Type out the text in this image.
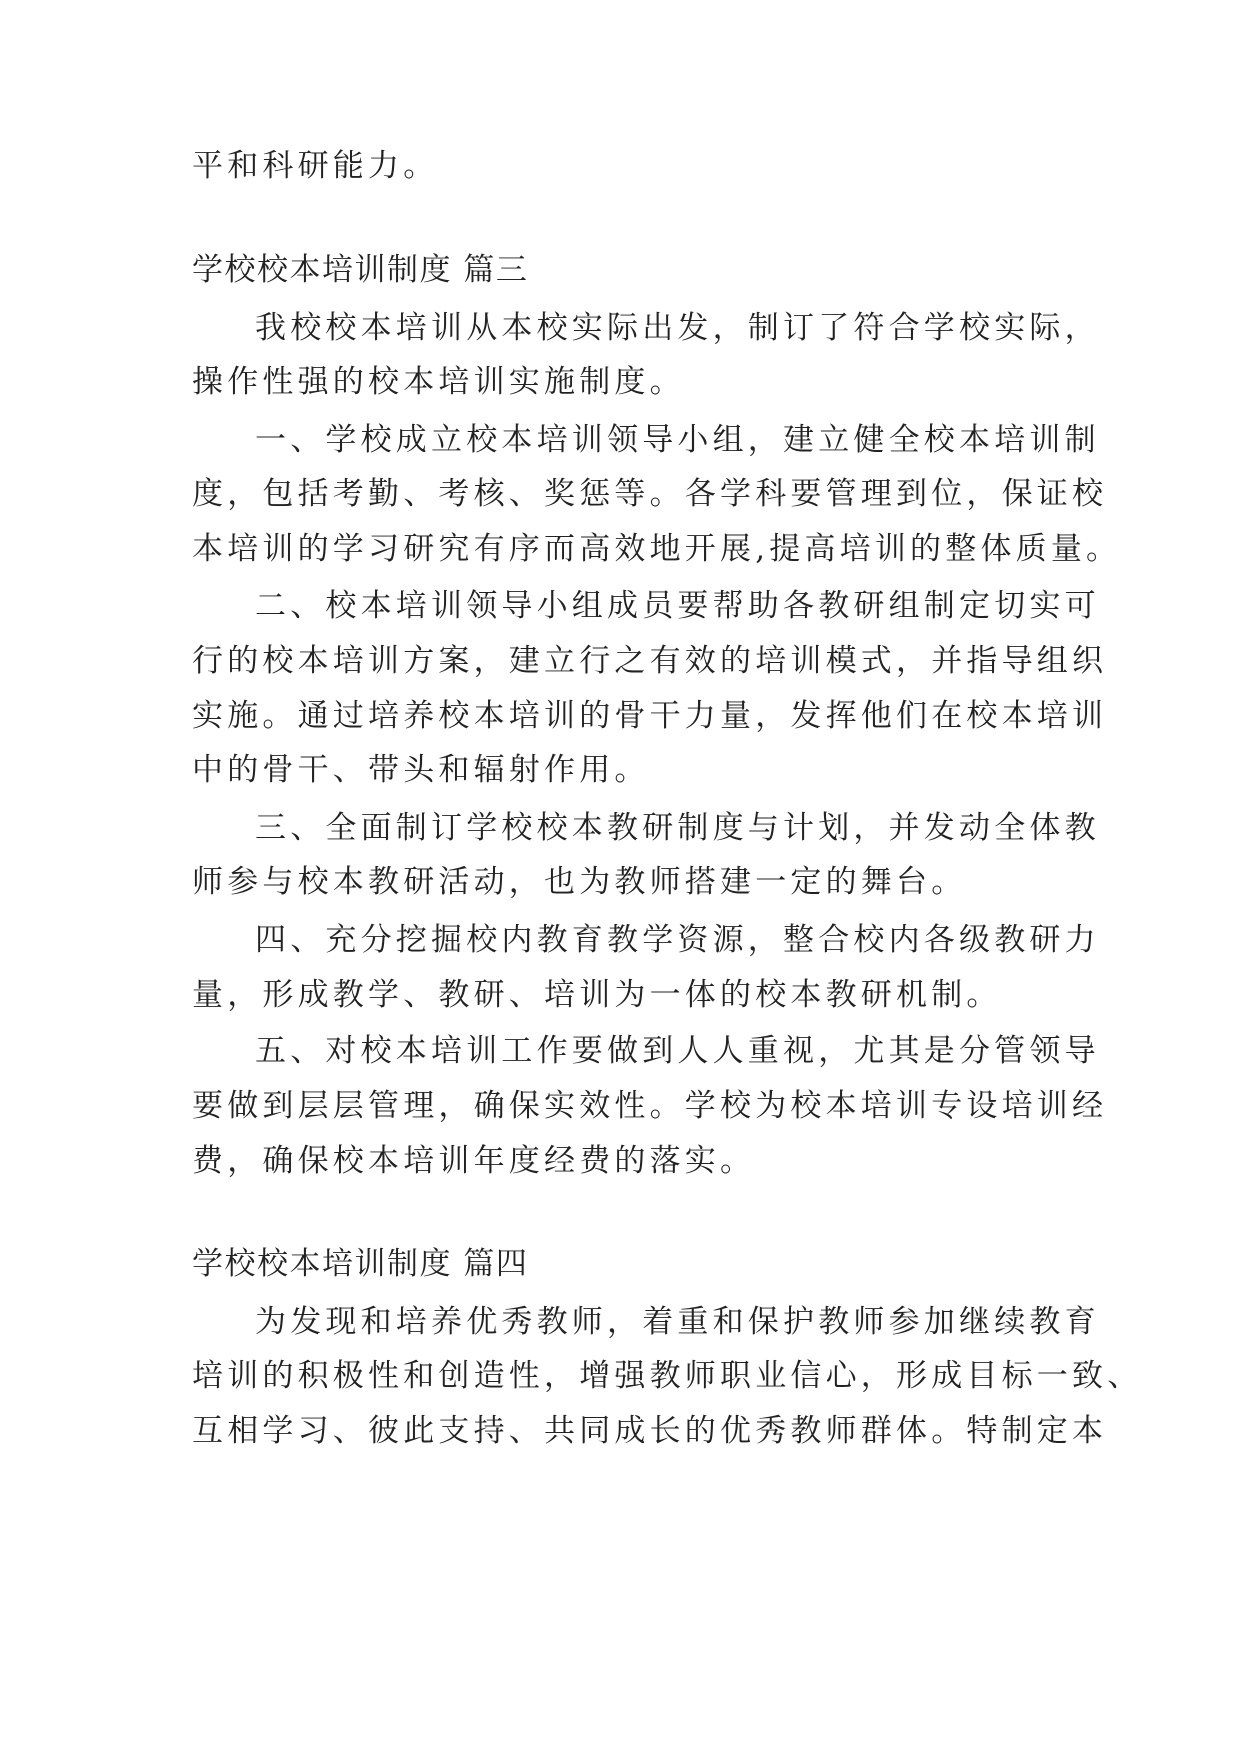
平和科研能力。
学校校本培训制度 篇三
我校校本培训从本校实际出发，制订了符合学校实际，
操作性强的校本培训实施制度。
一、学校成立校本培训领导小组，建立健全校本培训制
度，包括考勤、考核、奖惩等。各学科要管理到位，保证校
本培训的学习研究有序而高效地开展,提高培训的整体质量。
二、校本培训领导小组成员要帮助各教研组制定切实可
行的校本培训方案，建立行之有效的培训模式，并指导组织
实施。通过培养校本培训的骨干力量，发挥他们在校本培训
中的骨干、带头和辐射作用。
三、全面制订学校校本教研制度与计划，并发动全体教
师参与校本教研活动，也为教师搭建一定的舞台。
四、充分挖掘校内教育教学资源，整合校内各级教研力
量，形成教学、教研、培训为一体的校本教研机制。
五、对校本培训工作要做到人人重视，尤其是分管领导
要做到层层管理，确保实效性。学校为校本培训专设培训经
费，确保校本培训年度经费的落实。
学校校本培训制度 篇四
为发现和培养优秀教师，着重和保护教师参加继续教育
培训的积极性和创造性，增强教师职业信心，形成目标一致、
互相学习、彼此支持、共同成长的优秀教师群体。特制定本
